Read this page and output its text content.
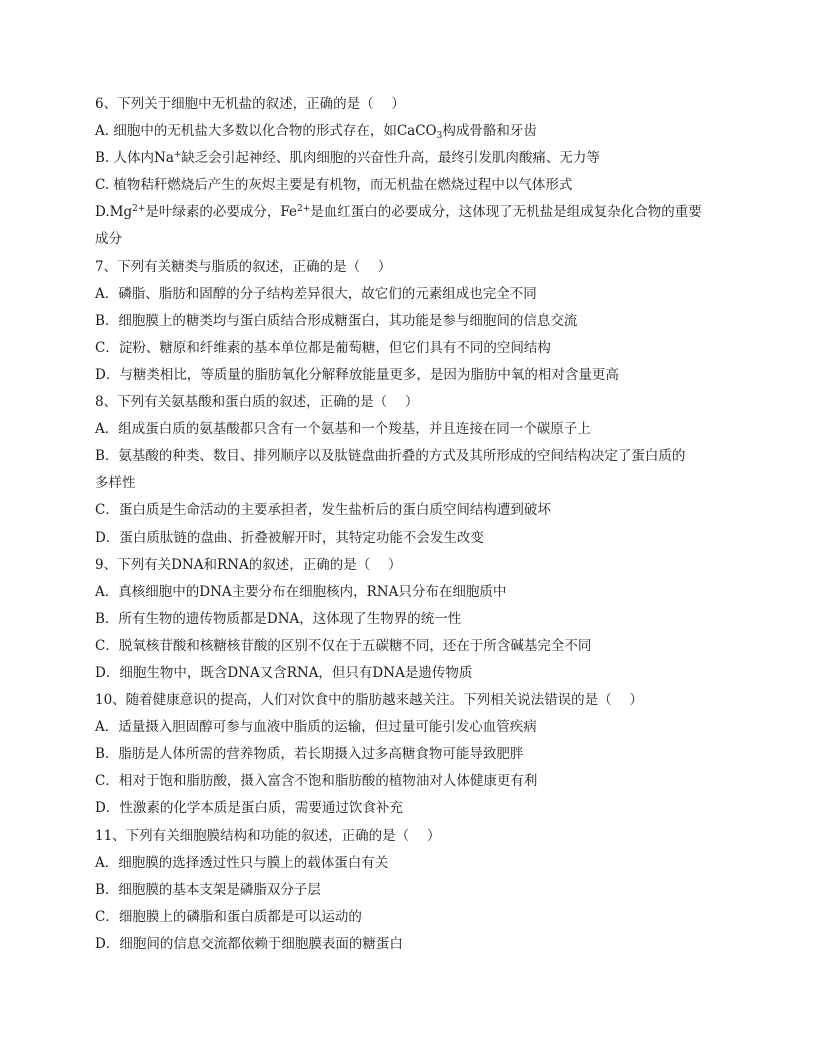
6、下列关于细胞中无机盐的叙述，正确的是（　 ）
A. 细胞中的无机盐大多数以化合物的形式存在，如CaCO$_3$构成骨骼和牙齿
B. 人体内Na+缺乏会引起神经、肌肉细胞的兴奋性升高，最终引发肌肉酸痛、无力等
C. 植物秸秆燃烧后产生的灰烬主要是有机物，而无机盐在燃烧过程中以气体形式
$D.Mg^{2+}$是叶绿素的必要成分，$Fe^{2+}$是血红蛋白的必要成分，这体现了无机盐是组成复杂化合物的重要
成分
7、下列有关糖类与脂质的叙述，正确的是（　 ）
A．磷脂、脂肪和固醇的分子结构差异很大，故它们的元素组成也完全不同
B．细胞膜上的糖类均与蛋白质结合形成糖蛋白，其功能是参与细胞间的信息交流
C．淀粉、糖原和纤维素的基本单位都是葡萄糖，但它们具有不同的空间结构
D．与糖类相比，等质量的脂肪氧化分解释放能量更多，是因为脂肪中氧的相对含量更高
8、下列有关氨基酸和蛋白质的叙述，正确的是（　 ）
A．组成蛋白质的氨基酸都只含有一个氨基和一个羧基，并且连接在同一个碳原子上
B．氨基酸的种类、数目、排列顺序以及肽链盘曲折叠的方式及其所形成的空间结构决定了蛋白质的
多样性
C．蛋白质是生命活动的主要承担者，发生盐析后的蛋白质空间结构遭到破坏
D．蛋白质肽链的盘曲、折叠被解开时，其特定功能不会发生改变
9、下列有关DNA和RNA的叙述，正确的是（　 ）
A．真核细胞中的DNA主要分布在细胞核内，RNA只分布在细胞质中
B．所有生物的遗传物质都是DNA，这体现了生物界的统一性
C．脱氧核苷酸和核糖核苷酸的区别不仅在于五碳糖不同，还在于所含碱基完全不同
D．细胞生物中，既含DNA又含RNA，但只有DNA是遗传物质
10、随着健康意识的提高，人们对饮食中的脂肪越来越关注。下列相关说法错误的是（　 ）
A．适量摄入胆固醇可参与血液中脂质的运输，但过量可能引发心血管疾病
B．脂肪是人体所需的营养物质，若长期摄入过多高糖食物可能导致肥胖
C．相对于饱和脂肪酸，摄入富含不饱和脂肪酸的植物油对人体健康更有利
D．性激素的化学本质是蛋白质，需要通过饮食补充
11、下列有关细胞膜结构和功能的叙述，正确的是（　 ）
A．细胞膜的选择透过性只与膜上的载体蛋白有关
B．细胞膜的基本支架是磷脂双分子层
C．细胞膜上的磷脂和蛋白质都是可以运动的
D．细胞间的信息交流都依赖于细胞膜表面的糖蛋白
